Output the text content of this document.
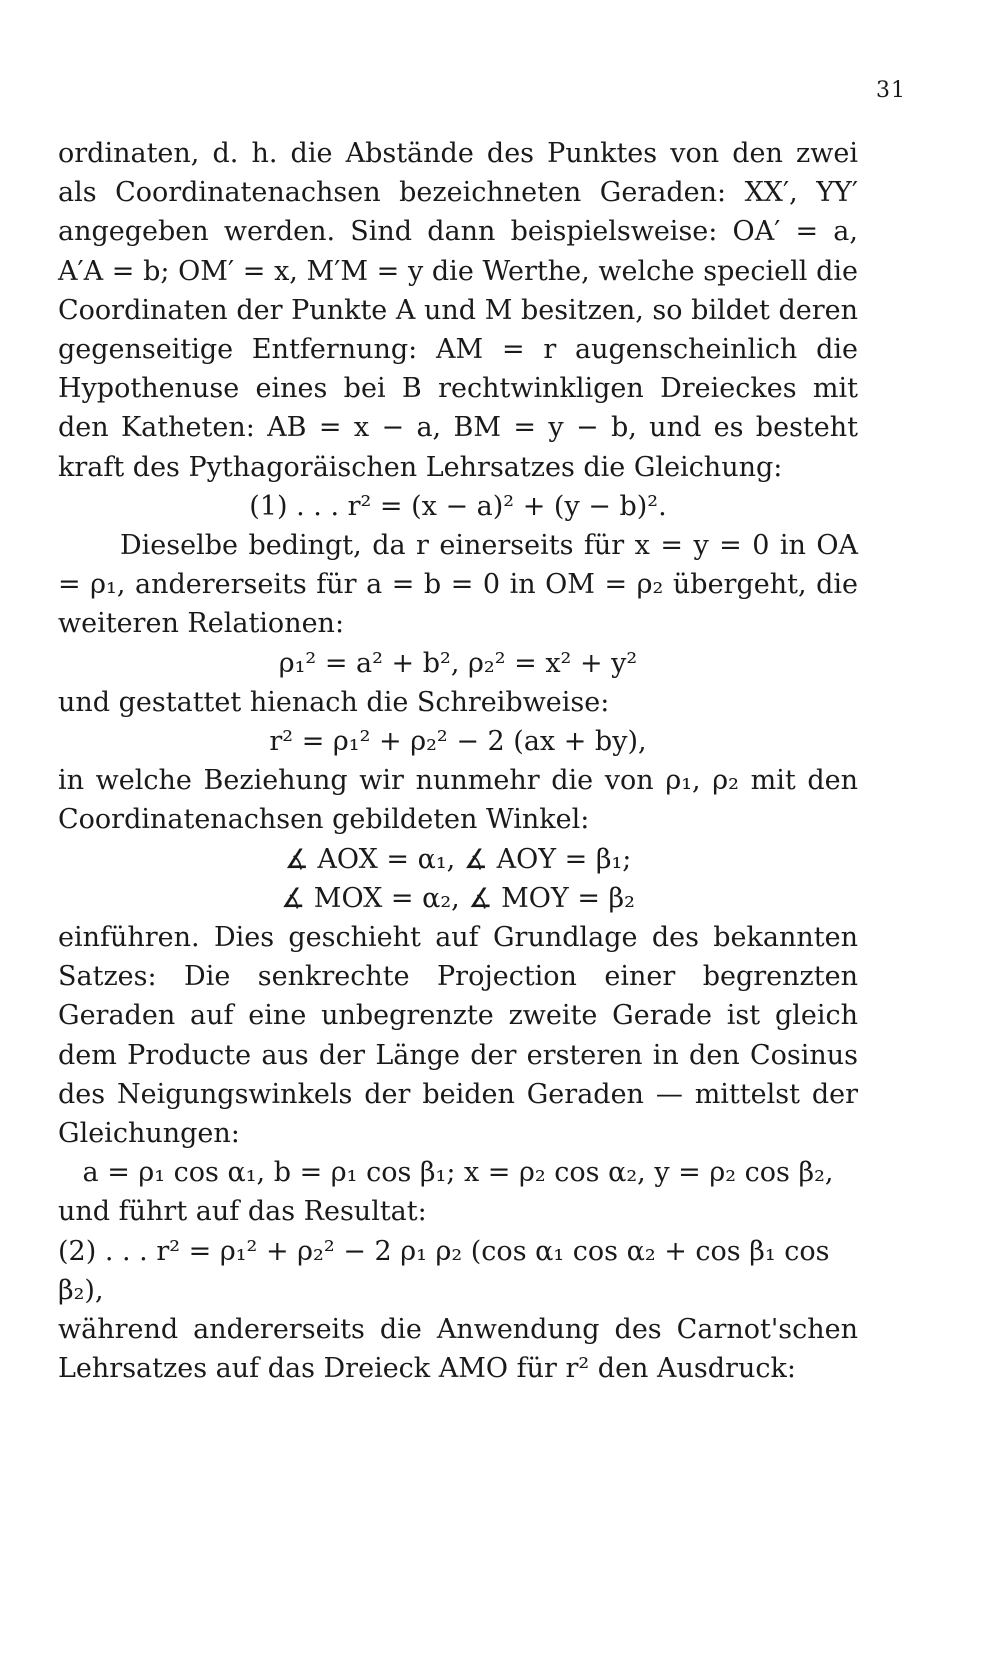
31

ordinaten, d. h. die Abstände des Punktes von den zwei als Coordinatenachsen bezeichneten Geraden: XX′, YY′ angegeben werden. Sind dann beispielsweise: OA′ = a, A′A = b; OM′ = x, M′M = y die Werthe, welche speciell die Coordinaten der Punkte A und M besitzen, so bildet deren gegenseitige Entfernung: AM = r augenscheinlich die Hypothenuse eines bei B rechtwinkligen Dreieckes mit den Katheten: AB = x − a, BM = y − b, und es besteht kraft des Pythagoräischen Lehrsatzes die Gleichung:

(1) . . . r² = (x − a)² + (y − b)².

Dieselbe bedingt, da r einerseits für x = y = 0 in OA = ρ₁, andererseits für a = b = 0 in OM = ρ₂ übergeht, die weiteren Relationen:

ρ₁² = a² + b², ρ₂² = x² + y²

und gestattet hienach die Schreibweise:

r² = ρ₁² + ρ₂² − 2 (ax + by),

in welche Beziehung wir nunmehr die von ρ₁, ρ₂ mit den Coordinatenachsen gebildeten Winkel:

∡ AOX = α₁, ∡ AOY = β₁;

∡ MOX = α₂, ∡ MOY = β₂

einführen. Dies geschieht auf Grundlage des bekannten Satzes: Die senkrechte Projection einer begrenzten Geraden auf eine unbegrenzte zweite Gerade ist gleich dem Producte aus der Länge der ersteren in den Cosinus des Neigungswinkels der beiden Geraden — mittelst der Gleichungen:

a = ρ₁ cos α₁, b = ρ₁ cos β₁; x = ρ₂ cos α₂, y = ρ₂ cos β₂,

und führt auf das Resultat:

(2) . . . r² = ρ₁² + ρ₂² − 2 ρ₁ ρ₂ (cos α₁ cos α₂ + cos β₁ cos β₂),

während andererseits die Anwendung des Carnot'schen Lehrsatzes auf das Dreieck AMO für r² den Ausdruck:
